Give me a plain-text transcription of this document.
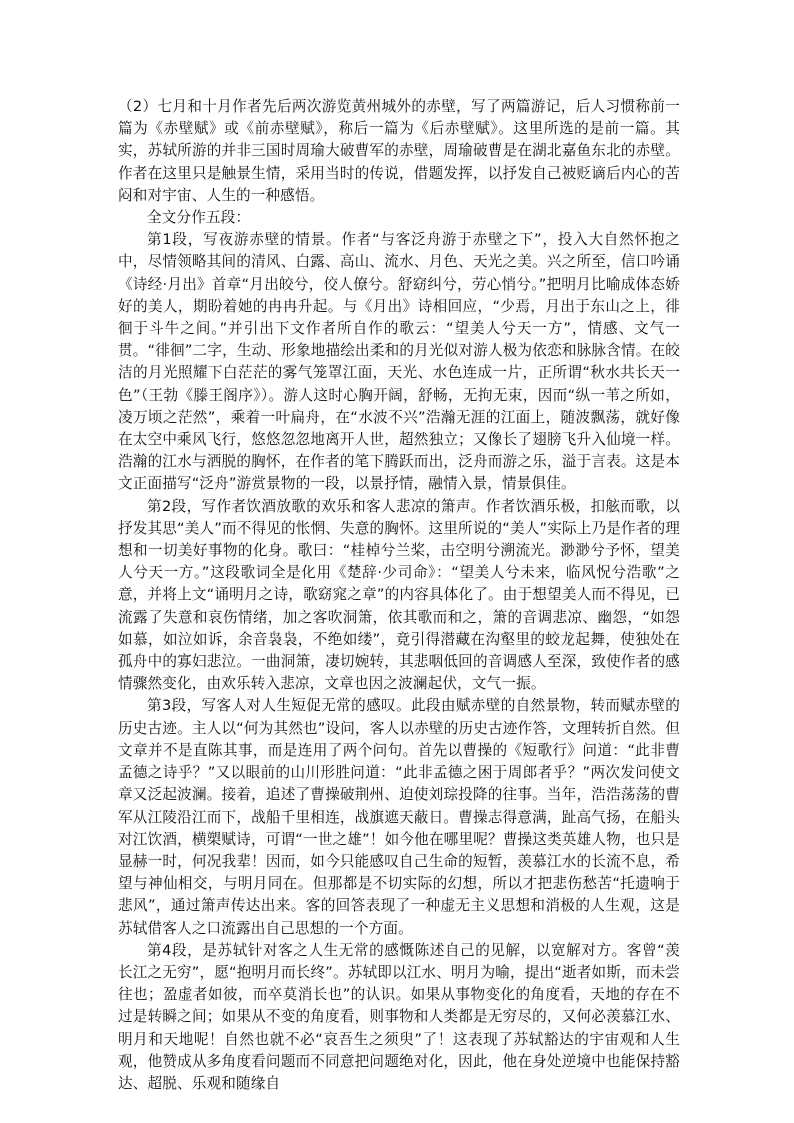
（2）七月和十月作者先后两次游览黄州城外的赤壁，写了两篇游记，后人习惯称前一篇为《赤壁赋》或《前赤壁赋》，称后一篇为《后赤壁赋》。这里所选的是前一篇。其实，苏轼所游的并非三国时周瑜大破曹军的赤壁，周瑜破曹是在湖北嘉鱼东北的赤壁。作者在这里只是触景生情，采用当时的传说，借题发挥，以抒发自己被贬谪后内心的苦闷和对宇宙、人生的一种感悟。

全文分作五段：

第1段，写夜游赤壁的情景。作者“与客泛舟游于赤壁之下”，投入大自然怀抱之中，尽情领略其间的清风、白露、高山、流水、月色、天光之美。兴之所至，信口吟诵《诗经·月出》首章“月出皎兮，佼人僚兮。舒窈纠兮，劳心悄兮。”把明月比喻成体态娇好的美人，期盼着她的冉冉升起。与《月出》诗相回应，“少焉，月出于东山之上，徘徊于斗牛之间。”并引出下文作者所自作的歌云：“望美人兮天一方”，情感、文气一贯。“徘徊”二字，生动、形象地描绘出柔和的月光似对游人极为依恋和脉脉含情。在皎洁的月光照耀下白茫茫的雾气笼罩江面，天光、水色连成一片，正所谓“秋水共长天一色”（王勃《滕王阁序》）。游人这时心胸开阔，舒畅，无拘无束，因而“纵一苇之所如，凌万顷之茫然”，乘着一叶扁舟，在“水波不兴”浩瀚无涯的江面上，随波飘荡，就好像在太空中乘风飞行，悠悠忽忽地离开人世，超然独立；又像长了翅膀飞升入仙境一样。浩瀚的江水与洒脱的胸怀，在作者的笔下腾跃而出，泛舟而游之乐，溢于言表。这是本文正面描写“泛舟”游赏景物的一段，以景抒情，融情入景，情景俱佳。

第2段，写作者饮酒放歌的欢乐和客人悲凉的箫声。作者饮酒乐极，扣舷而歌，以抒发其思“美人”而不得见的怅惘、失意的胸怀。这里所说的“美人”实际上乃是作者的理想和一切美好事物的化身。歌曰：“桂棹兮兰桨，击空明兮溯流光。渺渺兮予怀，望美人兮天一方。”这段歌词全是化用《楚辞·少司命》：“望美人兮未来，临风怳兮浩歌”之意，并将上文“诵明月之诗，歌窈窕之章”的内容具体化了。由于想望美人而不得见，已流露了失意和哀伤情绪，加之客吹洞箫，依其歌而和之，箫的音调悲凉、幽怨，“如怨如慕，如泣如诉，余音袅袅，不绝如缕”，竟引得潜藏在沟壑里的蛟龙起舞，使独处在孤舟中的寡妇悲泣。一曲洞箫，凄切婉转，其悲咽低回的音调感人至深，致使作者的感情骤然变化，由欢乐转入悲凉，文章也因之波澜起伏，文气一振。

第3段，写客人对人生短促无常的感叹。此段由赋赤壁的自然景物，转而赋赤壁的历史古迹。主人以“何为其然也”设问，客人以赤壁的历史古迹作答，文理转折自然。但文章并不是直陈其事，而是连用了两个问句。首先以曹操的《短歌行》问道：“此非曹孟德之诗乎？”又以眼前的山川形胜问道：“此非孟德之困于周郎者乎？”两次发问使文章又泛起波澜。接着，追述了曹操破荆州、迫使刘琮投降的往事。当年，浩浩荡荡的曹军从江陵沿江而下，战船千里相连，战旗遮天蔽日。曹操志得意满，趾高气扬，在船头对江饮酒，横槊赋诗，可谓“一世之雄”！如今他在哪里呢？曹操这类英雄人物，也只是显赫一时，何况我辈！因而，如今只能感叹自己生命的短暂，羡慕江水的长流不息，希望与神仙相交，与明月同在。但那都是不切实际的幻想，所以才把悲伤愁苦“托遗响于悲风”，通过箫声传达出来。客的回答表现了一种虚无主义思想和消极的人生观，这是苏轼借客人之口流露出自己思想的一个方面。

第4段，是苏轼针对客之人生无常的感慨陈述自己的见解，以宽解对方。客曾“羡长江之无穷”，愿“抱明月而长终”。苏轼即以江水、明月为喻，提出“逝者如斯，而未尝往也；盈虚者如彼，而卒莫消长也”的认识。如果从事物变化的角度看，天地的存在不过是转瞬之间；如果从不变的角度看，则事物和人类都是无穷尽的，又何必羡慕江水、明月和天地呢！自然也就不必“哀吾生之须臾”了！这表现了苏轼豁达的宇宙观和人生观，他赞成从多角度看问题而不同意把问题绝对化，因此，他在身处逆境中也能保持豁达、超脱、乐观和随缘自
